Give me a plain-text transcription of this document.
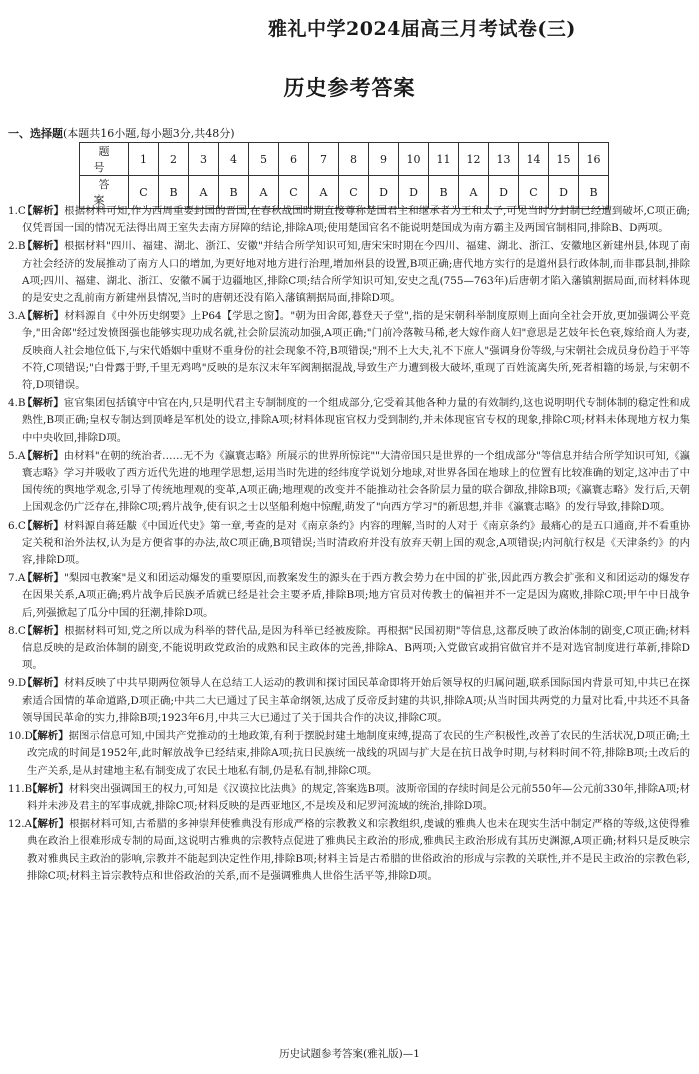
雅礼中学2024届高三月考试卷(三)
历史参考答案
一、选择题(本题共16小题,每小题3分,共48分)
题号	1	2	3	4	5	6	7	8	9	10	11	12	13	14	15	16
答案	C	B	A	B	A	C	A	C	D	D	B	A	D	C	D	B
1.C
【解析】根据材料可知,作为西周重要封国的晋国,在春秋战国时期直接尊称楚国君主和继承者为王和太子,可见当时分封制已经遭到破坏,C项正确;仅凭晋国一国的情况无法得出周王室失去南方屏障的结论,排除A项;使用楚国官名不能说明楚国成为南方霸主及两国官制相同,排除B、D两项。
2.B
【解析】根据材料"四川、福建、湖北、浙江、安徽"并结合所学知识可知,唐宋宋时期在今四川、福建、湖北、浙江、安徽地区新建州县,体现了南方社会经济的发展推动了南方人口的增加,为更好地对地方进行治理,增加州县的设置,B项正确;唐代地方实行的是道州县行政体制,而非郡县制,排除A项;四川、福建、湖北、浙江、安徽不属于边疆地区,排除C项;结合所学知识可知,安史之乱(755—763年)后唐朝才陷入藩镇割据局面,而材料体现的是安史之乱前南方新建州县情况,当时的唐朝还没有陷入藩镇割据局面,排除D项。
3.A
【解析】材料源自《中外历史纲要》上P64【学思之窗】。"朝为田舍郎,暮登天子堂",指的是宋朝科举制度原则上面向全社会开放,更加强调公平竞争,"田舍郎"经过发愤图强也能够实现功成名就,社会阶层流动加强,A项正确;"门前冷落鞍马稀,老大嫁作商人妇"意思是艺妓年长色衰,嫁给商人为妻,反映商人社会地位低下,与宋代婚姻中重财不重身份的社会现象不符,B项错误;"刑不上大夫,礼不下庶人"强调身份等级,与宋朝社会成员身份趋于平等不符,C项错误;"白骨露于野,千里无鸡鸣"反映的是东汉末年军阀割据混战,导致生产力遭到极大破坏,重现了百姓流离失所,死者相籍的场景,与宋朝不符,D项错误。
4.B
【解析】宦官集团包括镇守中官在内,只是明代君主专制制度的一个组成部分,它受着其他各种力量的有效制约,这也说明明代专制体制的稳定性和成熟性,B项正确;皇权专制达到顶峰是军机处的设立,排除A项;材料体现宦官权力受到制约,并未体现宦官专权的现象,排除C项;材料未体现地方权力集中中央收回,排除D项。
5.A
【解析】由材料"在朝的统治者……无不为《瀛寰志略》所展示的世界所惊诧""大清帝国只是世界的一个组成部分"等信息并结合所学知识可知,《瀛寰志略》学习并吸收了西方近代先进的地理学思想,运用当时先进的经纬度学说划分地球,对世界各国在地球上的位置有比较准确的划定,这冲击了中国传统的舆地学观念,引导了传统地理观的变革,A项正确;地理观的改变并不能推动社会各阶层力量的联合御敌,排除B项;《瀛寰志略》发行后,天朝上国观念仍广泛存在,排除C项;鸦片战争,使有识之士以坚船利炮中惊醒,萌发了"向西方学习"的新思想,并非《瀛寰志略》的发行导致,排除D项。
6.C
【解析】材料源自蒋廷黻《中国近代史》第一章,考查的是对《南京条约》内容的理解,当时的人对于《南京条约》最痛心的是五口通商,并不看重协定关税和治外法权,认为是方便省事的办法,故C项正确,B项错误;当时清政府并没有放弃天朝上国的观念,A项错误;内河航行权是《天津条约》的内容,排除D项。
7.A
【解析】"梨园屯教案"是义和团运动爆发的重要原因,而教案发生的源头在于西方教会势力在中国的扩张,因此西方教会扩张和义和团运动的爆发存在因果关系,A项正确;鸦片战争后民族矛盾就已经是社会主要矛盾,排除B项;地方官员对传教士的偏袒并不一定是因为腐败,排除C项;甲午中日战争后,列强掀起了瓜分中国的狂潮,排除D项。
8.C
【解析】根据材料可知,党之所以成为科举的替代品,是因为科举已经被废除。再根据"民国初期"等信息,这都反映了政治体制的剧变,C项正确;材料信息反映的是政治体制的剧变,不能说明政党政治的成熟和民主政体的完善,排除A、B两项;入党做官或捐官做官并不是对选官制度进行革新,排除D项。
9.D
【解析】材料反映了中共早期两位领导人在总结工人运动的教训和探讨国民革命即将开始后领导权的归属问题,联系国际国内背景可知,中共已在探索适合国情的革命道路,D项正确;中共二大已通过了民主革命纲领,达成了反帝反封建的共识,排除A项;从当时国共两党的力量对比看,中共还不具备领导国民革命的实力,排除B项;1923年6月,中共三大已通过了关于国共合作的决议,排除C项。
10.D
【解析】据图示信息可知,中国共产党推动的土地政策,有利于摆脱封建土地制度束缚,提高了农民的生产积极性,改善了农民的生活状况,D项正确;土改完成的时间是1952年,此时解放战争已经结束,排除A项;抗日民族统一战线的巩固与扩大是在抗日战争时期,与材料时间不符,排除B项;土改后的生产关系,是从封建地主私有制变成了农民土地私有制,仍是私有制,排除C项。
11.B
【解析】材料突出强调国王的权力,可知是《汉谟拉比法典》的规定,答案选B项。波斯帝国的存续时间是公元前550年—公元前330年,排除A项;材料并未涉及君主的军事成就,排除C项;材料反映的是西亚地区,不是埃及和尼罗河流域的统治,排除D项。
12.A
【解析】根据材料可知,古希腊的多神崇拜使雅典没有形成严格的宗教教义和宗教组织,虔诚的雅典人也未在现实生活中制定严格的等级,这使得雅典在政治上很难形成专制的局面,这说明古雅典的宗教特点促进了雅典民主政治的形成,雅典民主政治形成有其历史渊源,A项正确;材料只是反映宗教对雅典民主政治的影响,宗教并不能起到决定性作用,排除B项;材料主旨是古希腊的世俗政治的形成与宗教的关联性,并不是民主政治的宗教色彩,排除C项;材料主旨宗教特点和世俗政治的关系,而不是强调雅典人世俗生活平等,排除D项。
历史试题参考答案(雅礼版)—1
